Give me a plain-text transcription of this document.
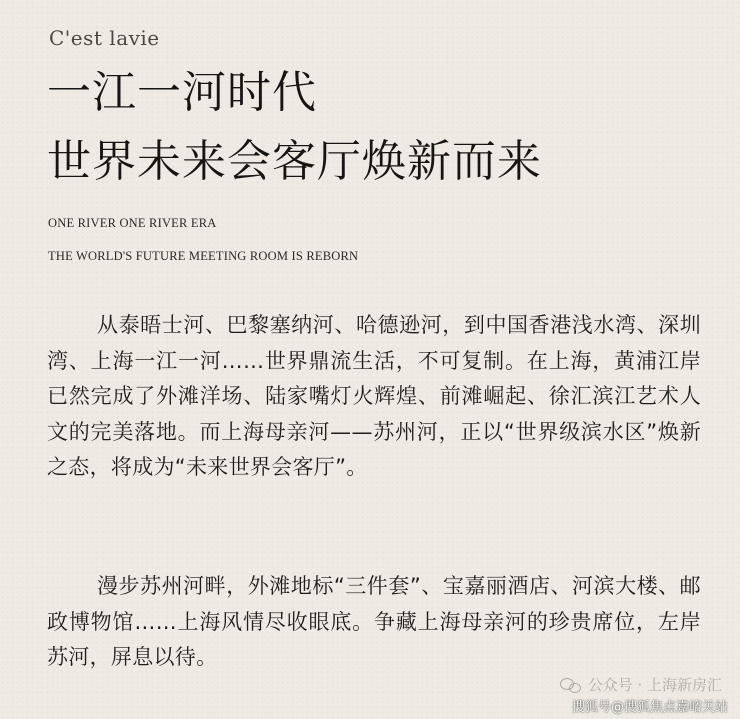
C'est lavie
一江一河时代
世界未来会客厅焕新而来
ONE RIVER ONE RIVER ERA
THE WORLD'S FUTURE MEETING ROOM IS REBORN

从泰晤士河、巴黎塞纳河、哈德逊河，到中国香港浅水湾、深圳湾、上海一江一河……世界鼎流生活，不可复制。在上海，黄浦江岸已然完成了外滩洋场、陆家嘴灯火辉煌、前滩崛起、徐汇滨江艺术人文的完美落地。而上海母亲河——苏州河，正以“世界级滨水区”焕新之态，将成为“未来世界会客厅”。

漫步苏州河畔，外滩地标“三件套”、宝嘉丽酒店、河滨大楼、邮政博物馆……上海风情尽收眼底。争藏上海母亲河的珍贵席位，左岸苏河，屏息以待。

公众号 · 上海新房汇
搜狐号@搜狐焦点嘉峪关站
